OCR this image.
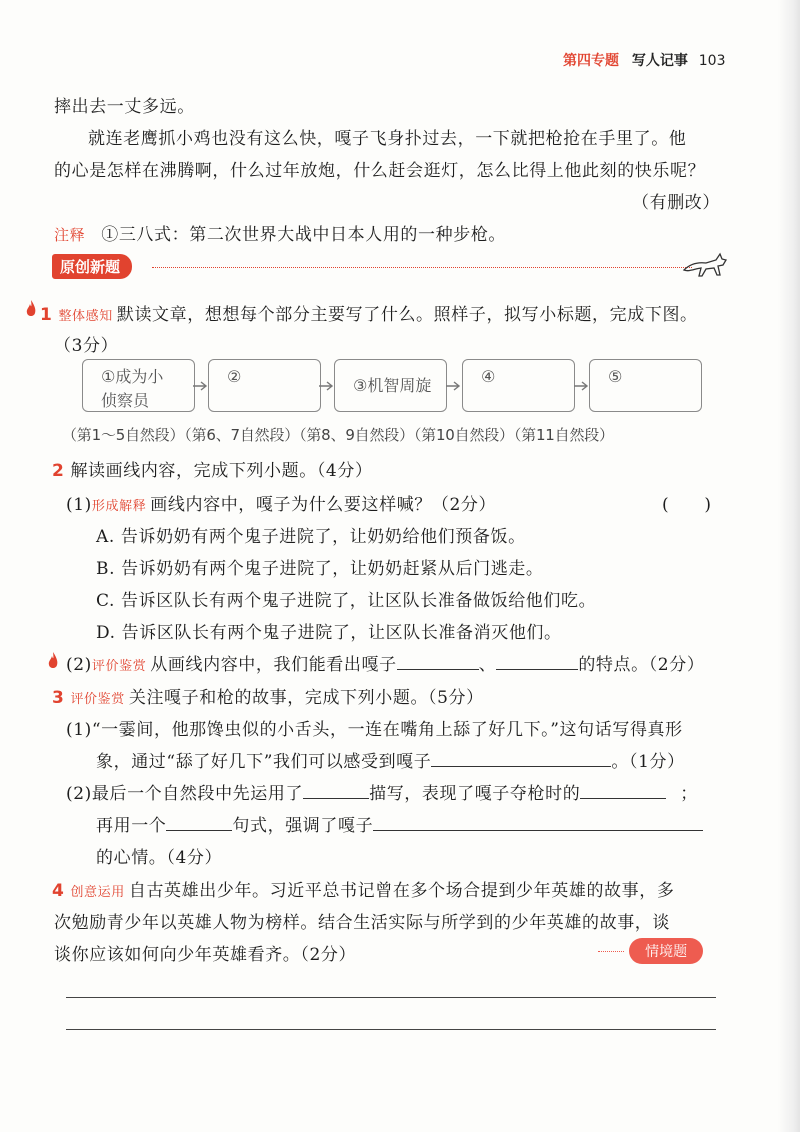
第四专题 写人记事 103
摔出去一丈多远。
就连老鹰抓小鸡也没有这么快，嘎子飞身扑过去，一下就把枪抢在手里了。他
的心是怎样在沸腾啊，什么过年放炮，什么赶会逛灯，怎么比得上他此刻的快乐呢？
（有删改）
注释 ①三八式：第二次世界大战中日本人用的一种步枪。
原创新题
1 整体感知 默读文章，想想每个部分主要写了什么。照样子，拟写小标题，完成下图。
（3分）
①成为小
侦察员
②	③机智周旋	④	⑤
（第1～5自然段）（第6、7自然段）（第8、9自然段）（第10自然段）（第11自然段）
2 解读画线内容，完成下列小题。（4分）
(1)形成解释 画线内容中，嘎子为什么要这样喊？（2分）	(　　)
A. 告诉奶奶有两个鬼子进院了，让奶奶给他们预备饭。
B. 告诉奶奶有两个鬼子进院了，让奶奶赶紧从后门逃走。
C. 告诉区队长有两个鬼子进院了，让区队长准备做饭给他们吃。
D. 告诉区队长有两个鬼子进院了，让区队长准备消灭他们。
(2)评价鉴赏 从画线内容中，我们能看出嘎子	、	的特点。（2分）
3 评价鉴赏 关注嘎子和枪的故事，完成下列小题。（5分）
(1)“一霎间，他那馋虫似的小舌头，一连在嘴角上舔了好几下。”这句话写得真形
象，通过“舔了好几下”我们可以感受到嘎子	。（1分）
(2)最后一个自然段中先运用了	描写，表现了嘎子夺枪时的	；
再用一个	句式，强调了嘎子
的心情。（4分）
4 创意运用 自古英雄出少年。习近平总书记曾在多个场合提到少年英雄的故事，多
次勉励青少年以英雄人物为榜样。结合生活实际与所学到的少年英雄的故事，谈
谈你应该如何向少年英雄看齐。（2分）	情境题
